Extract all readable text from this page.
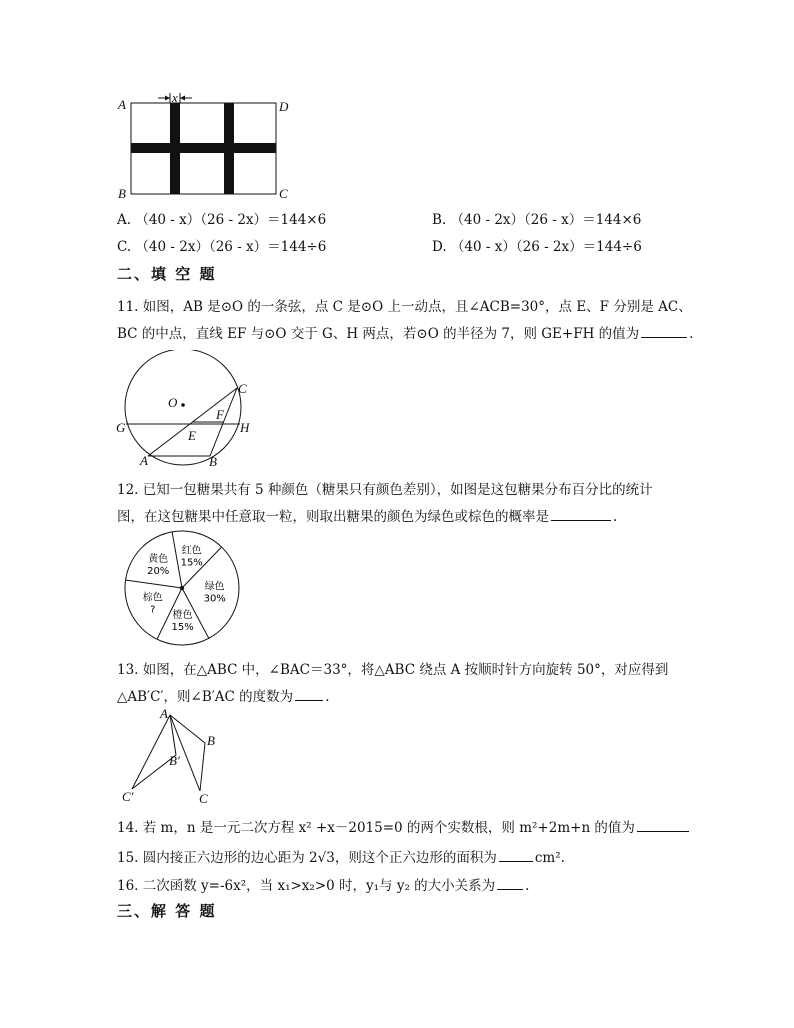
x
A	D
B	C
A. （40 - x）（26 - 2x）＝144×6	B. （40 - 2x）（26 - x）＝144×6
C. （40 - 2x）（26 - x）＝144÷6	D. （40 - x）（26 - 2x）＝144÷6
二、填 空 题
11. 如图，AB 是⊙O 的一条弦，点 C 是⊙O 上一动点，且∠ACB=30°，点 E、F 分别是 AC、
BC 的中点，直线 EF 与⊙O 交于 G、H 两点，若⊙O 的半径为 7，则 GE+FH 的值为	.
O
C
F
G
E
H
A	B
12. 已知一包糖果共有 5 种颜色（糖果只有颜色差别），如图是这包糖果分布百分比的统计
图，在这包糖果中任意取一粒，则取出糖果的颜色为绿色或棕色的概率是	.
红色
15%
绿色
30%
橙色
15%
棕色
?
黄色
20%
13. 如图，在△ABC 中，∠BAC＝33°，将△ABC 绕点 A 按顺时针方向旋转 50°，对应得到
△AB′C′，则∠B′AC 的度数为 .
A
B
B′
C′	C
14. 若 m，n 是一元二次方程 x² +x－2015=0 的两个实数根，则 m²+2m+n 的值为
15. 圆内接正六边形的边心距为 2√3，则这个正六边形的面积为	cm².
16. 二次函数 y=-6x²，当 x₁>x₂>0 时，y₁与 y₂ 的大小关系为 .
三、解 答 题
